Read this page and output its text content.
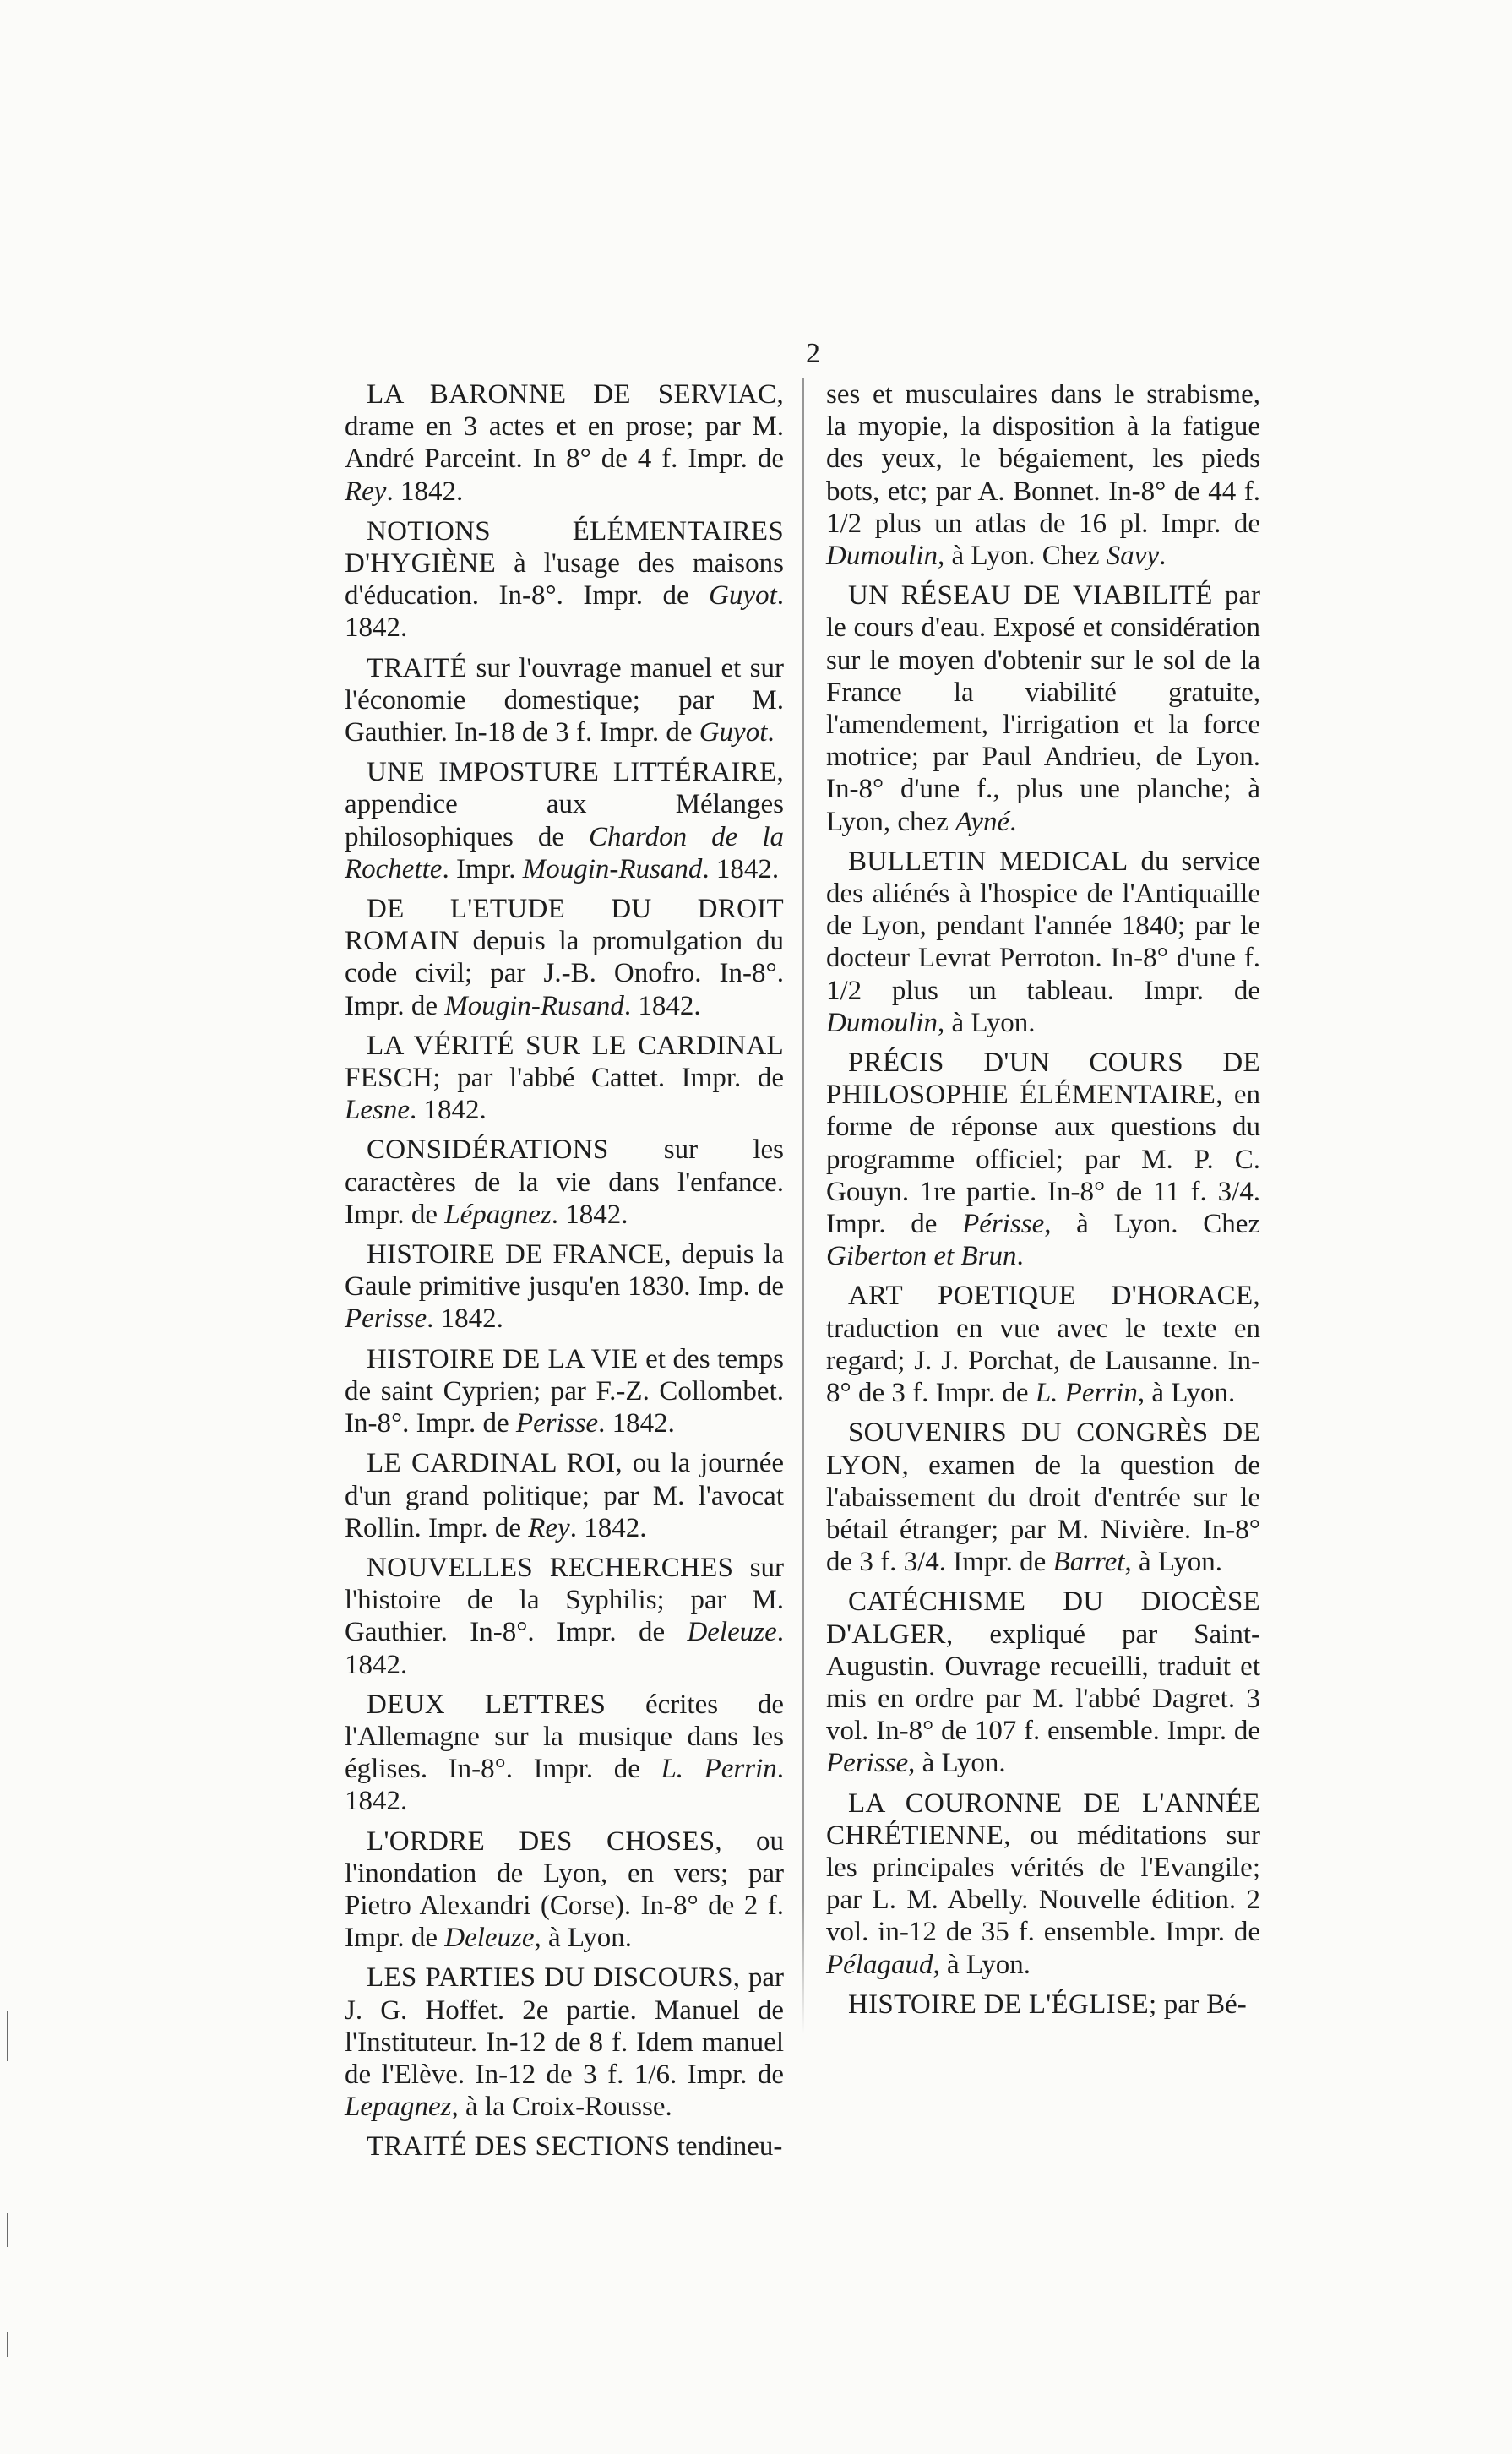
2

LA BARONNE DE SERVIAC, drame en 3 actes et en prose; par M. André Parceint. In 8° de 4 f. Impr. de Rey. 1842.

NOTIONS ÉLÉMENTAIRES D'HYGIÈNE à l'usage des maisons d'éducation. In-8°. Impr. de Guyot. 1842.

TRAITÉ sur l'ouvrage manuel et sur l'économie domestique; par M. Gauthier. In-18 de 3 f. Impr. de Guyot.

UNE IMPOSTURE LITTÉRAIRE, appendice aux Mélanges philosophiques de Chardon de la Rochette. Impr. Mougin-Rusand. 1842.

DE L'ETUDE DU DROIT ROMAIN depuis la promulgation du code civil; par J.-B. Onofro. In-8°. Impr. de Mougin-Rusand. 1842.

LA VÉRITÉ SUR LE CARDINAL FESCH; par l'abbé Cattet. Impr. de Lesne. 1842.

CONSIDÉRATIONS sur les caractères de la vie dans l'enfance. Impr. de Lépagnez. 1842.

HISTOIRE DE FRANCE, depuis la Gaule primitive jusqu'en 1830. Imp. de Perisse. 1842.

HISTOIRE DE LA VIE et des temps de saint Cyprien; par F.-Z. Collombet. In-8°. Impr. de Perisse. 1842.

LE CARDINAL ROI, ou la journée d'un grand politique; par M. l'avocat Rollin. Impr. de Rey. 1842.

NOUVELLES RECHERCHES sur l'histoire de la Syphilis; par M. Gauthier. In-8°. Impr. de Deleuze. 1842.

DEUX LETTRES écrites de l'Allemagne sur la musique dans les églises. In-8°. Impr. de L. Perrin. 1842.

L'ORDRE DES CHOSES, ou l'inondation de Lyon, en vers; par Pietro Alexandri (Corse). In-8° de 2 f. Impr. de Deleuze, à Lyon.

LES PARTIES DU DISCOURS, par J. G. Hoffet. 2e partie. Manuel de l'Instituteur. In-12 de 8 f. Idem manuel de l'Elève. In-12 de 3 f. 1/6. Impr. de Lepagnez, à la Croix-Rousse.

TRAITÉ DES SECTIONS tendineu-

ses et musculaires dans le strabisme, la myopie, la disposition à la fatigue des yeux, le bégaiement, les pieds bots, etc; par A. Bonnet. In-8° de 44 f. 1/2 plus un atlas de 16 pl. Impr. de Dumoulin, à Lyon. Chez Savy.

UN RÉSEAU DE VIABILITÉ par le cours d'eau. Exposé et considération sur le moyen d'obtenir sur le sol de la France la viabilité gratuite, l'amendement, l'irrigation et la force motrice; par Paul Andrieu, de Lyon. In-8° d'une f., plus une planche; à Lyon, chez Ayné.

BULLETIN MEDICAL du service des aliénés à l'hospice de l'Antiquaille de Lyon, pendant l'année 1840; par le docteur Levrat Perroton. In-8° d'une f. 1/2 plus un tableau. Impr. de Dumoulin, à Lyon.

PRÉCIS D'UN COURS DE PHILOSOPHIE ÉLÉMENTAIRE, en forme de réponse aux questions du programme officiel; par M. P. C. Gouyn. 1re partie. In-8° de 11 f. 3/4. Impr. de Périsse, à Lyon. Chez Giberton et Brun.

ART POETIQUE D'HORACE, traduction en vue avec le texte en regard; J. J. Porchat, de Lausanne. In-8° de 3 f. Impr. de L. Perrin, à Lyon.

SOUVENIRS DU CONGRÈS DE LYON, examen de la question de l'abaissement du droit d'entrée sur le bétail étranger; par M. Nivière. In-8° de 3 f. 3/4. Impr. de Barret, à Lyon.

CATÉCHISME DU DIOCÈSE D'ALGER, expliqué par Saint-Augustin. Ouvrage recueilli, traduit et mis en ordre par M. l'abbé Dagret. 3 vol. In-8° de 107 f. ensemble. Impr. de Perisse, à Lyon.

LA COURONNE DE L'ANNÉE CHRÉTIENNE, ou méditations sur les principales vérités de l'Evangile; par L. M. Abelly. Nouvelle édition. 2 vol. in-12 de 35 f. ensemble. Impr. de Pélagaud, à Lyon.

HISTOIRE DE L'ÉGLISE; par Bé-
